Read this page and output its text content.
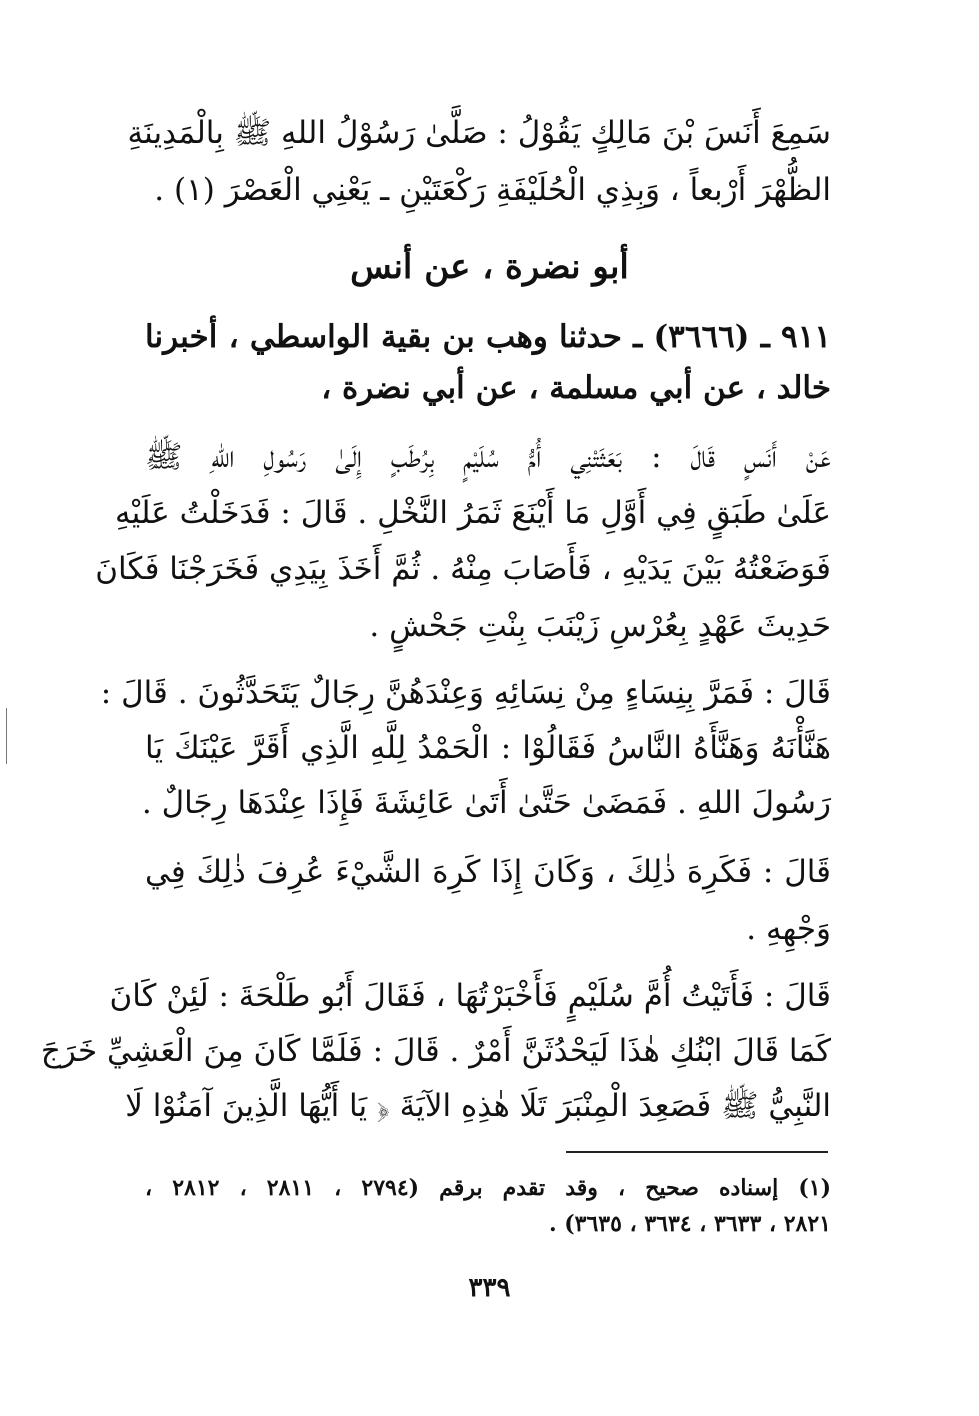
سَمِعَ أَنَسَ بْنَ مَالِكٍ يَقُوْلُ : صَلَّىٰ رَسُوْلُ اللهِ ﷺ بِالْمَدِينَةِ
الظُّهْرَ أَرْبعاً ، وَبِذِي الْحُلَيْفَةِ رَكْعَتَيْنِ ـ يَعْنِي الْعَصْرَ (١) .
أبو نضرة ، عن أنس
٩١١ ـ (٣٦٦٦) ـ حدثنا وهب بن بقية الواسطي ، أخبرنا
خالد ، عن أبي مسلمة ، عن أبي نضرة ،
عَنْ أَنَسٍ قَالَ : بَعَثَتْنِي أُمُّ سُلَيْمٍ بِرُطَبٍ إِلَىٰ رَسُولِ اللهِ ﷺ
عَلَىٰ طَبَقٍ فِي أَوَّلِ مَا أَيْنَعَ ثَمَرُ النَّخْلِ . قَالَ : فَدَخَلْتُ عَلَيْهِ
فَوَضَعْتُهُ بَيْنَ يَدَيْهِ ، فَأَصَابَ مِنْهُ . ثُمَّ أَخَذَ بِيَدِي فَخَرَجْنَا فَكَانَ
حَدِيثَ عَهْدٍ بِعُرْسِ زَيْنَبَ بِنْتِ جَحْشٍ .
قَالَ : فَمَرَّ بِنِسَاءٍ مِنْ نِسَائِهِ وَعِنْدَهُنَّ رِجَالٌ يَتَحَدَّثُونَ . قَالَ :
هَنَّأْنَهُ وَهَنَّأَهُ النَّاسُ فَقَالُوْا : الْحَمْدُ لِلَّهِ الَّذِي أَقَرَّ عَيْنَكَ يَا
رَسُولَ اللهِ . فَمَضَىٰ حَتَّىٰ أَتَىٰ عَائِشَةَ فَإِذَا عِنْدَهَا رِجَالٌ .
قَالَ : فَكَرِهَ ذٰلِكَ ، وَكَانَ إِذَا كَرِهَ الشَّيْءَ عُرِفَ ذٰلِكَ فِي
وَجْهِهِ .
قَالَ : فَأَتَيْتُ أُمَّ سُلَيْمٍ فَأَخْبَرْتُهَا ، فَقَالَ أَبُو طَلْحَةَ : لَئِنْ كَانَ
كَمَا قَالَ ابْنُكِ هٰذَا لَيَحْدُثَنَّ أَمْرٌ . قَالَ : فَلَمَّا كَانَ مِنَ الْعَشِيِّ خَرَجَ
النَّبِيُّ ﷺ فَصَعِدَ الْمِنْبَرَ تَلَا هٰذِهِ الآيَةَ ﴿ يَا أَيُّهَا الَّذِينَ آمَنُوْا لَا
(١) إسناده صحيح ، وقد تقدم برقم (٢٧٩٤ ، ٢٨١١ ، ٢٨١٢ ،
٢٨٢١ ، ٣٦٣٣ ، ٣٦٣٤ ، ٣٦٣٥) .
٣٣٩
